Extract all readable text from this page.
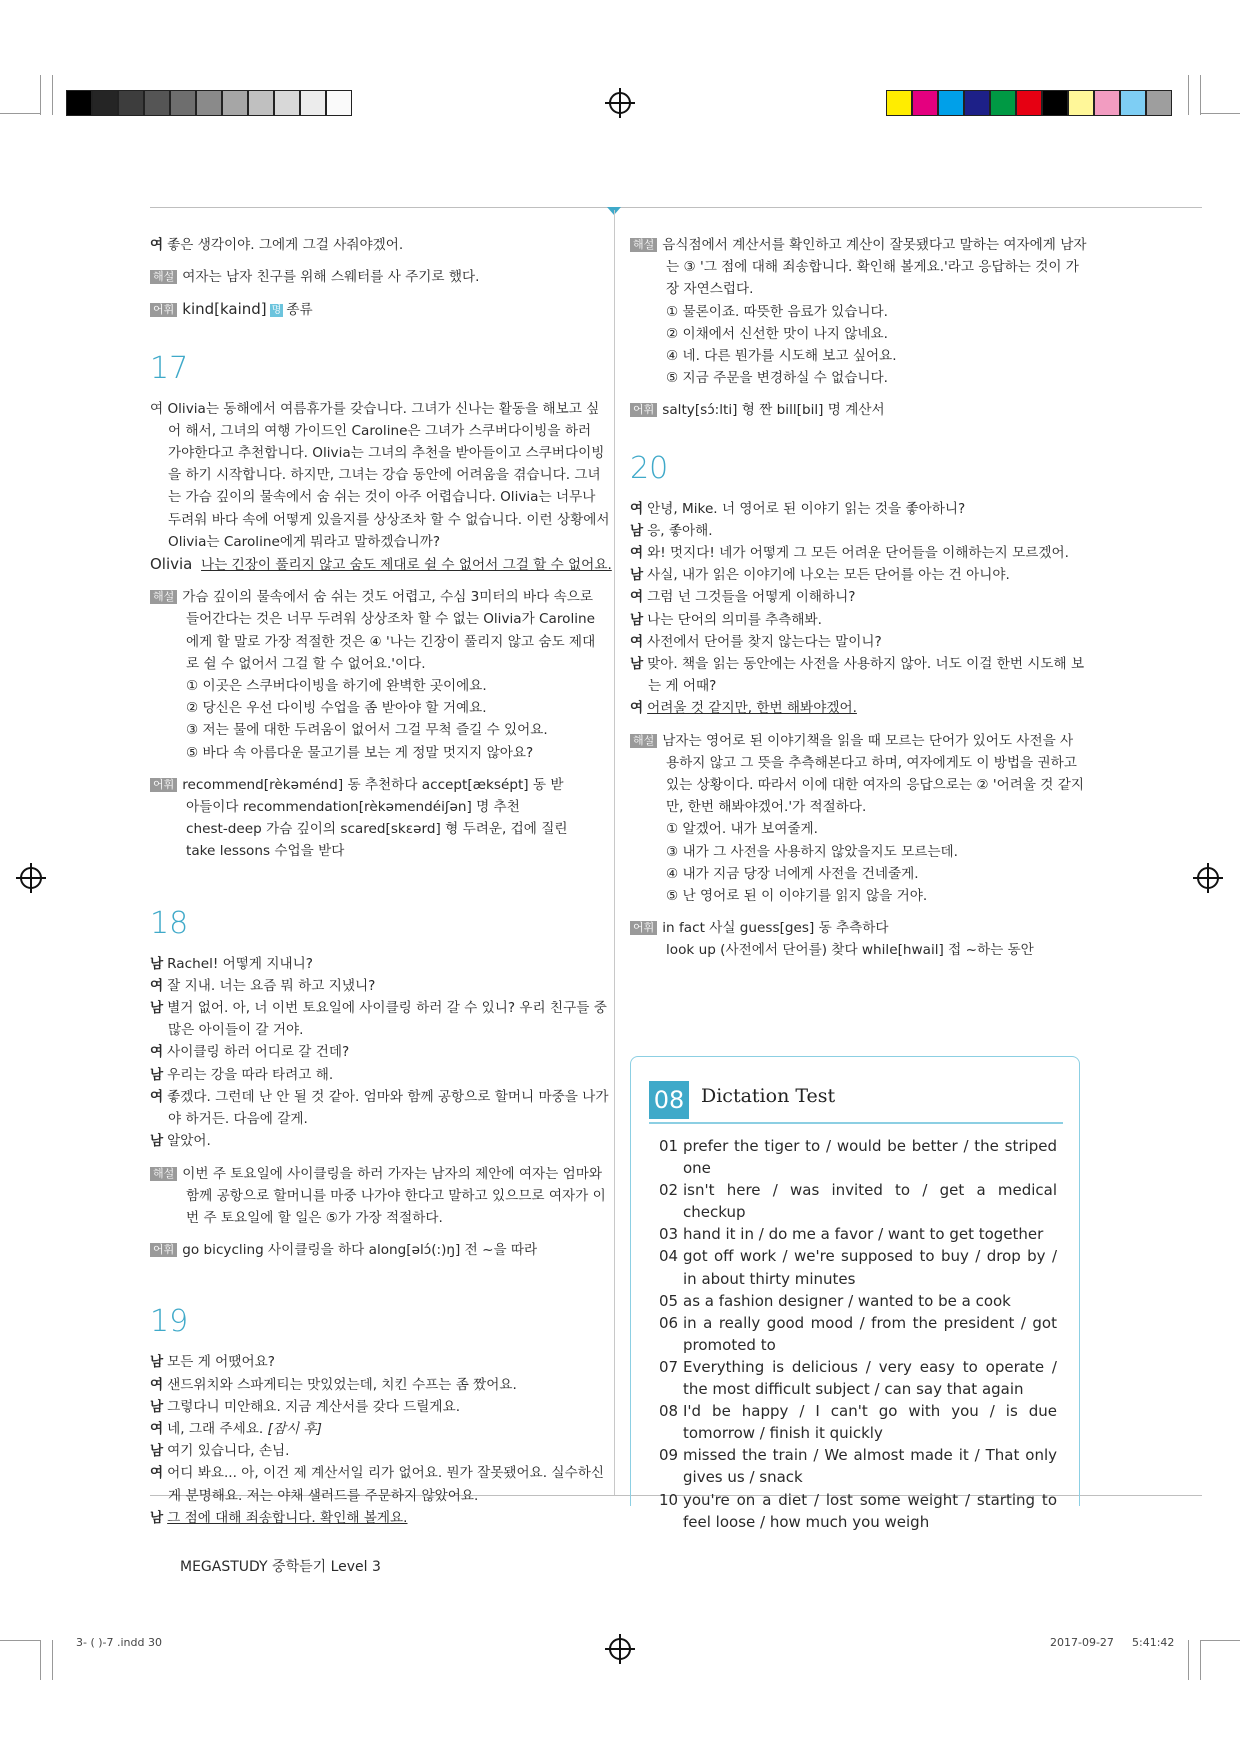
여 좋은 생각이야. 그에게 그걸 사줘야겠어.

해설 여자는 남자 친구를 위해 스웨터를 사 주기로 했다.

어휘 kind[kaind] 명 종류

17

여 Olivia는 동해에서 여름휴가를 갖습니다. 그녀가 신나는 활동을 해보고 싶

어 해서, 그녀의 여행 가이드인 Caroline은 그녀가 스쿠버다이빙을 하러

가야한다고 추천합니다. Olivia는 그녀의 추천을 받아들이고 스쿠버다이빙

을 하기 시작합니다. 하지만, 그녀는 강습 동안에 어려움을 겪습니다. 그녀

는 가슴 깊이의 물속에서 숨 쉬는 것이 아주 어렵습니다. Olivia는 너무나

두려워 바다 속에 어떻게 있을지를 상상조차 할 수 없습니다. 이런 상황에서

Olivia는 Caroline에게 뭐라고 말하겠습니까?

Olivia 나는 긴장이 풀리지 않고 숨도 제대로 쉴 수 없어서 그걸 할 수 없어요.

해설 가슴 깊이의 물속에서 숨 쉬는 것도 어렵고, 수심 3미터의 바다 속으로

들어간다는 것은 너무 두려워 상상조차 할 수 없는 Olivia가 Caroline

에게 할 말로 가장 적절한 것은 ④ '나는 긴장이 풀리지 않고 숨도 제대

로 쉴 수 없어서 그걸 할 수 없어요.'이다.

① 이곳은 스쿠버다이빙을 하기에 완벽한 곳이에요.

② 당신은 우선 다이빙 수업을 좀 받아야 할 거예요.

③ 저는 물에 대한 두려움이 없어서 그걸 무척 즐길 수 있어요.

⑤ 바다 속 아름다운 물고기를 보는 게 정말 멋지지 않아요?

어휘 recommend[rèkəménd] 동 추천하다 accept[æksépt] 동 받

아들이다 recommendation[rèkəmendéiʃən] 명 추천

chest-deep 가슴 깊이의 scared[skɛərd] 형 두려운, 겁에 질린

take lessons 수업을 받다

18

남 Rachel! 어떻게 지내니?

여 잘 지내. 너는 요즘 뭐 하고 지냈니?

남 별거 없어. 아, 너 이번 토요일에 사이클링 하러 갈 수 있니? 우리 친구들 중

많은 아이들이 갈 거야.

여 사이클링 하러 어디로 갈 건데?

남 우리는 강을 따라 타려고 해.

여 좋겠다. 그런데 난 안 될 것 같아. 엄마와 함께 공항으로 할머니 마중을 나가

야 하거든. 다음에 갈게.

남 알았어.

해설 이번 주 토요일에 사이클링을 하러 가자는 남자의 제안에 여자는 엄마와

함께 공항으로 할머니를 마중 나가야 한다고 말하고 있으므로 여자가 이

번 주 토요일에 할 일은 ⑤가 가장 적절하다.

어휘 go bicycling 사이클링을 하다 along[əlɔ́(:)ŋ] 전 ~을 따라

19

남 모든 게 어땠어요?

여 샌드위치와 스파게티는 맛있었는데, 치킨 수프는 좀 짰어요.

남 그렇다니 미안해요. 지금 계산서를 갖다 드릴게요.

여 네, 그래 주세요. [잠시 후]

남 여기 있습니다, 손님.

여 어디 봐요... 아, 이건 제 계산서일 리가 없어요. 뭔가 잘못됐어요. 실수하신

게 분명해요. 저는 야채 샐러드를 주문하지 않았어요.

남 그 점에 대해 죄송합니다. 확인해 볼게요.

해설 음식점에서 계산서를 확인하고 계산이 잘못됐다고 말하는 여자에게 남자

는 ③ '그 점에 대해 죄송합니다. 확인해 볼게요.'라고 응답하는 것이 가

장 자연스럽다.

① 물론이죠. 따뜻한 음료가 있습니다.

② 이채에서 신선한 맛이 나지 않네요.

④ 네. 다른 뭔가를 시도해 보고 싶어요.

⑤ 지금 주문을 변경하실 수 없습니다.

어휘 salty[sɔ́:lti] 형 짠 bill[bil] 명 계산서

20

여 안녕, Mike. 너 영어로 된 이야기 읽는 것을 좋아하니?

남 응, 좋아해.

여 와! 멋지다! 네가 어떻게 그 모든 어려운 단어들을 이해하는지 모르겠어.

남 사실, 내가 읽은 이야기에 나오는 모든 단어를 아는 건 아니야.

여 그럼 넌 그것들을 어떻게 이해하니?

남 나는 단어의 의미를 추측해봐.

여 사전에서 단어를 찾지 않는다는 말이니?

남 맞아. 책을 읽는 동안에는 사전을 사용하지 않아. 너도 이걸 한번 시도해 보

는 게 어때?

여 어려울 것 같지만, 한번 해봐야겠어.

해설 남자는 영어로 된 이야기책을 읽을 때 모르는 단어가 있어도 사전을 사

용하지 않고 그 뜻을 추측해본다고 하며, 여자에게도 이 방법을 권하고

있는 상황이다. 따라서 이에 대한 여자의 응답으로는 ② '어려울 것 같지

만, 한번 해봐야겠어.'가 적절하다.

① 알겠어. 내가 보여줄게.

③ 내가 그 사전을 사용하지 않았을지도 모르는데.

④ 내가 지금 당장 너에게 사전을 건네줄게.

⑤ 난 영어로 된 이 이야기를 읽지 않을 거야.

어휘 in fact 사실 guess[ges] 동 추측하다

look up (사전에서 단어를) 찾다 while[hwail] 접 ~하는 동안

08 Dictation Test
01 prefer the tiger to / would be better / the striped one
02 isn't here / was invited to / get a medical checkup
03 hand it in / do me a favor / want to get together
04 got off work / we're supposed to buy / drop by / in about thirty minutes
05 as a fashion designer / wanted to be a cook
06 in a really good mood / from the president / got promoted to
07 Everything is delicious / very easy to operate / the most difficult subject / can say that again
08 I'd be happy / I can't go with you / is due tomorrow / finish it quickly
09 missed the train / We almost made it / That only gives us / snack
10 you're on a diet / lost some weight / starting to feel loose / how much you weigh
MEGASTUDY 중학듣기 Level 3
3- ( )-7 .indd 30	2017-09-27 5:41:42
